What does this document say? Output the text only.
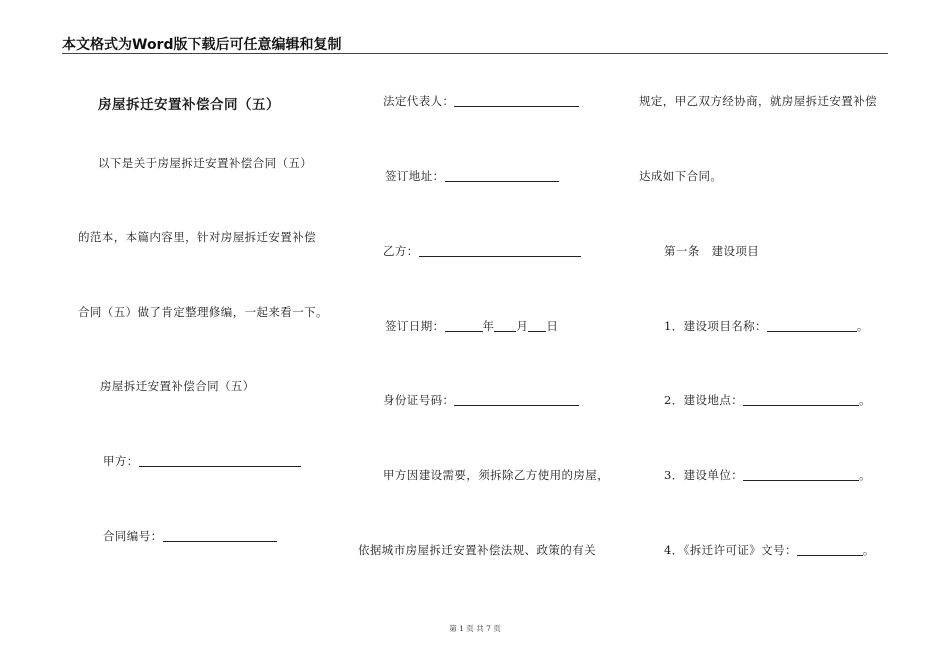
本文格式为Word版下载后可任意编辑和复制
房屋拆迁安置补偿合同（五）
以下是关于房屋拆迁安置补偿合同（五）
的范本，本篇内容里，针对房屋拆迁安置补偿
合同（五）做了肯定整理修编，一起来看一下。
房屋拆迁安置补偿合同（五）
甲方：
合同编号：
法定代表人：
签订地址：
乙方：
签订日期：	年 月 日
身份证号码：
甲方因建设需要，须拆除乙方使用的房屋，
依据城市房屋拆迁安置补偿法规、政策的有关
规定，甲乙双方经协商，就房屋拆迁安置补偿
达成如下合同。
第一条　建设项目
1．建设项目名称：	。
2．建设地点：	。
3．建设单位：	。
4．《拆迁许可证》文号：	。
第 1 页 共 7 页
